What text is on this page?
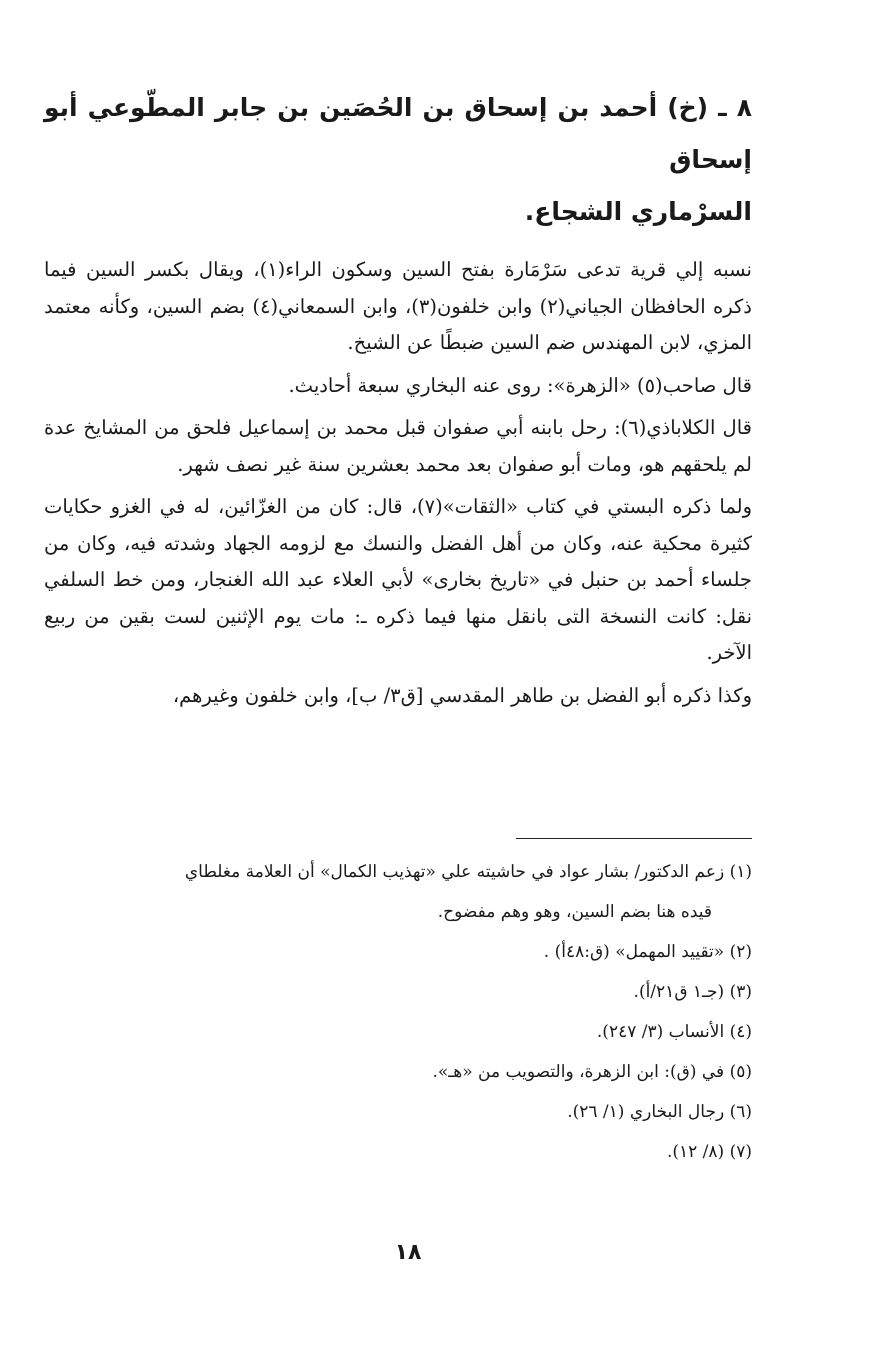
٨ ـ (خ) أحمد بن إسحاق بن الحُصَين بن جابر المطّوعي أبو إسحاق
السرْماري الشجاع.

نسبه إلي قرية تدعى سَرْمَارة بفتح السين وسكون الراء(١)، ويقال بكسر السين فيما ذكره الحافظان الجياني(٢) وابن خلفون(٣)، وابن السمعاني(٤) بضم السين، وكأنه معتمد المزي، لابن المهندس ضم السين ضبطًا عن الشيخ.

قال صاحب(٥) «الزهرة»: روى عنه البخاري سبعة أحاديث.

قال الكلاباذي(٦): رحل بابنه أبي صفوان قبل محمد بن إسماعيل فلحق من المشايخ عدة لم يلحقهم هو، ومات أبو صفوان بعد محمد بعشرين سنة غير نصف شهر.

ولما ذكره البستي في كتاب «الثقات»(٧)، قال: كان من الغزّائين، له في الغزو حكايات كثيرة محكية عنه، وكان من أهل الفضل والنسك مع لزومه الجهاد وشدته فيه، وكان من جلساء أحمد بن حنبل في «تاريخ بخارى» لأبي العلاء عبد الله الغنجار، ومن خط السلفي نقل: كانت النسخة التى بانقل منها فيما ذكره ـ: مات يوم الإثنين لست بقين من ربيع الآخر.

وكذا ذكره أبو الفضل بن طاهر المقدسي [ق٣/ ب]، وابن خلفون وغيرهم،

(١) زعم الدكتور/ بشار عواد في حاشيته علي «تهذيب الكمال» أن العلامة مغلطاي

قيده هنا بضم السين، وهو وهم مفضوح.

(٢) «تقييد المهمل» (ق:٤٨أ) .

(٣) (جـ١ ق٢١/أ).

(٤) الأنساب (٣/ ٢٤٧).

(٥) في (ق): ابن الزهرة، والتصويب من «هـ».

(٦) رجال البخاري (١/ ٢٦).

(٧) (٨/ ١٢).

١٨
